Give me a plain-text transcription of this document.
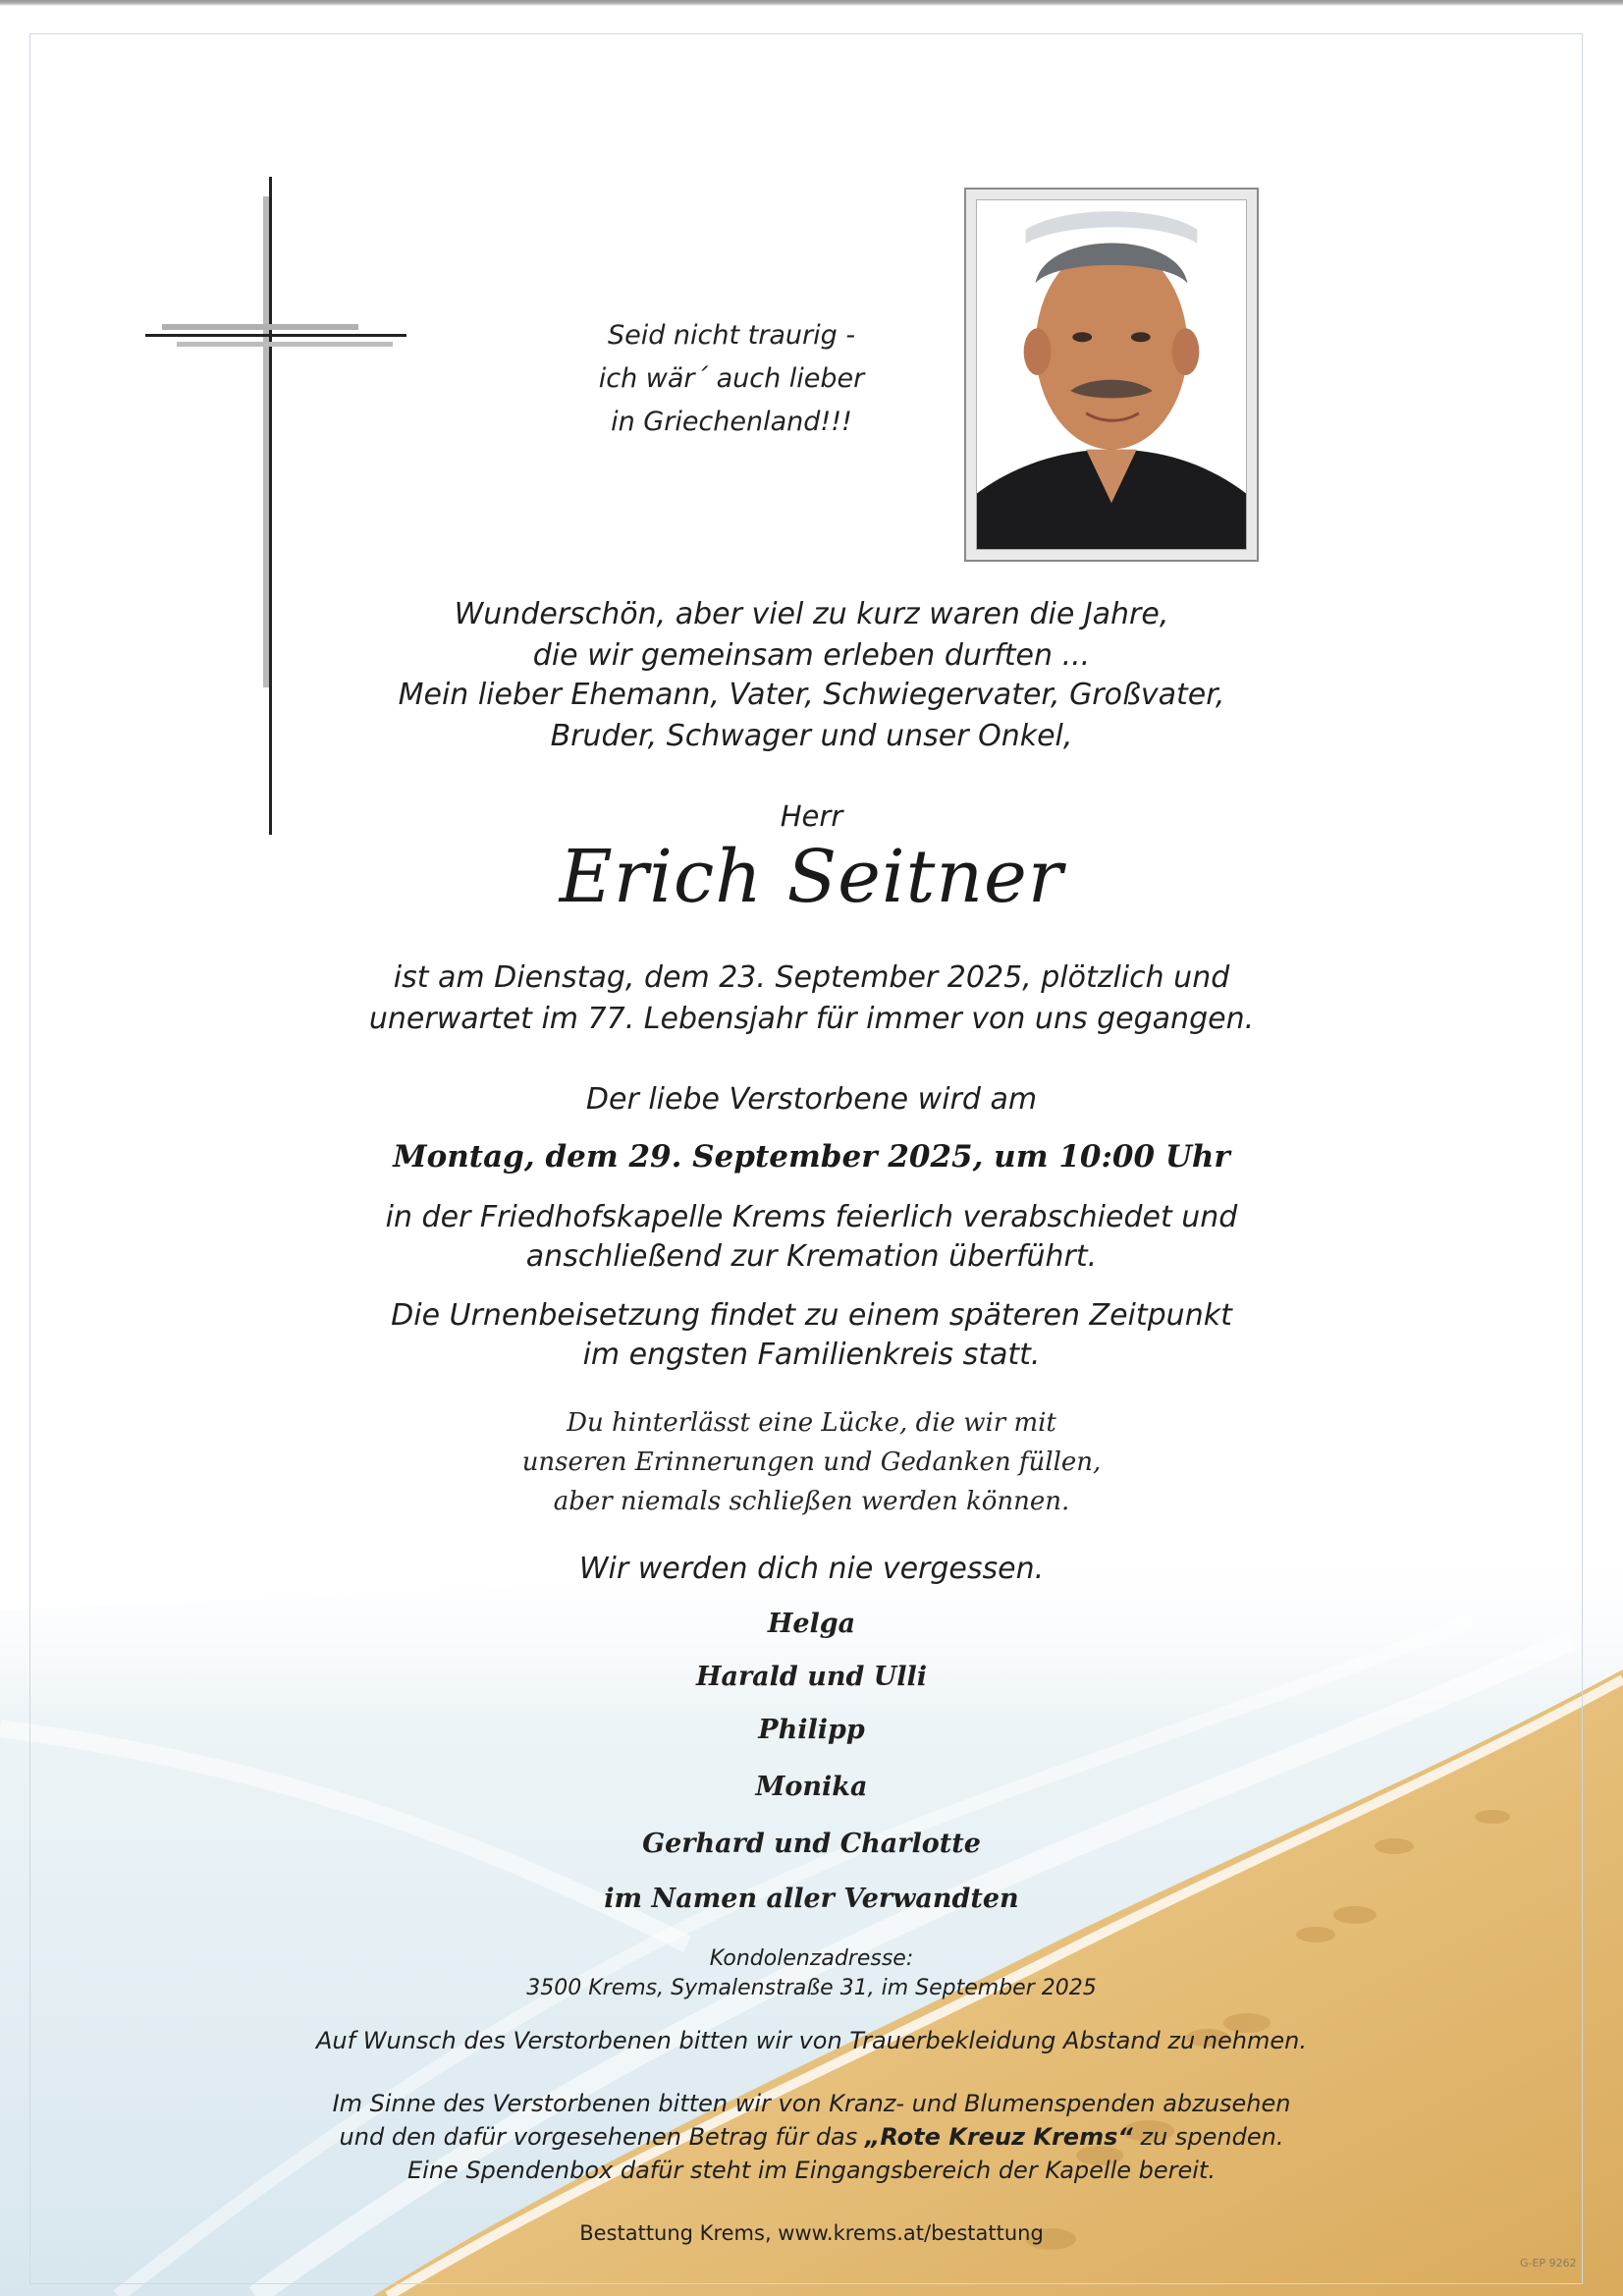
Seid nicht traurig -
ich wär´ auch lieber
in Griechenland!!!
Wunderschön, aber viel zu kurz waren die Jahre,
die wir gemeinsam erleben durften ...
Mein lieber Ehemann, Vater, Schwiegervater, Großvater,
Bruder, Schwager und unser Onkel,
Herr
Erich Seitner
ist am Dienstag, dem 23. September 2025, plötzlich und
unerwartet im 77. Lebensjahr für immer von uns gegangen.
Der liebe Verstorbene wird am
Montag, dem 29. September 2025, um 10:00 Uhr
in der Friedhofskapelle Krems feierlich verabschiedet und
anschließend zur Kremation überführt.
Die Urnenbeisetzung findet zu einem späteren Zeitpunkt
im engsten Familienkreis statt.
Du hinterlässt eine Lücke, die wir mit
unseren Erinnerungen und Gedanken füllen,
aber niemals schließen werden können.
Wir werden dich nie vergessen.
Helga
Harald und Ulli
Philipp
Monika
Gerhard und Charlotte
im Namen aller Verwandten
Kondolenzadresse:
3500 Krems, Symalenstraße 31, im September 2025
Auf Wunsch des Verstorbenen bitten wir von Trauerbekleidung Abstand zu nehmen.
Im Sinne des Verstorbenen bitten wir von Kranz- und Blumenspenden abzusehen
und den dafür vorgesehenen Betrag für das „Rote Kreuz Krems“ zu spenden.
Eine Spendenbox dafür steht im Eingangsbereich der Kapelle bereit.
Bestattung Krems, www.krems.at/bestattung
G-EP 9262
